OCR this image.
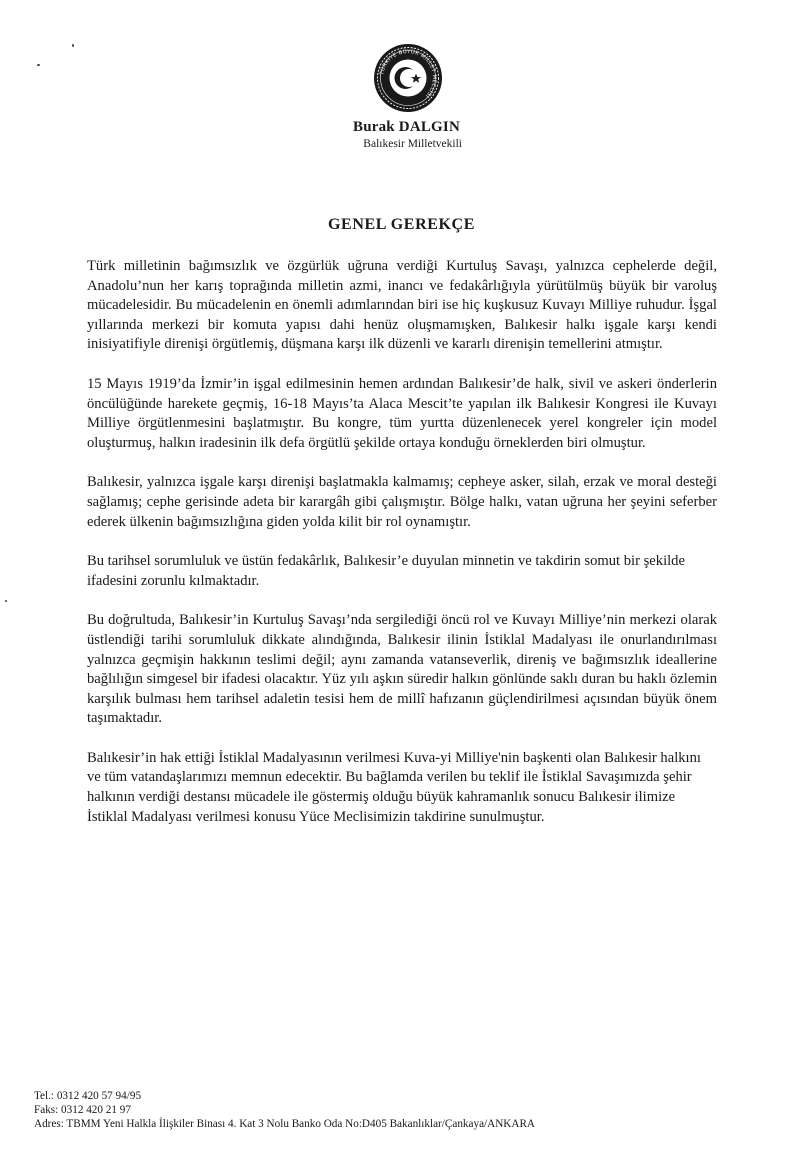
TÜRKİYE BÜYÜK MİLLET MECLİSİ

Burak DALGIN

Balıkesir Milletvekili

GENEL GEREKÇE

Türk milletinin bağımsızlık ve özgürlük uğruna verdiği Kurtuluş Savaşı, yalnızca cephelerde değil, Anadolu’nun her karış toprağında milletin azmi, inancı ve fedakârlığıyla yürütülmüş büyük bir varoluş mücadelesidir. Bu mücadelenin en önemli adımlarından biri ise hiç kuşkusuz Kuvayı Milliye ruhudur. İşgal yıllarında merkezi bir komuta yapısı dahi henüz oluşmamışken, Balıkesir halkı işgale karşı kendi inisiyatifiyle direnişi örgütlemiş, düşmana karşı ilk düzenli ve kararlı direnişin temellerini atmıştır.

15 Mayıs 1919’da İzmir’in işgal edilmesinin hemen ardından Balıkesir’de halk, sivil ve askeri önderlerin öncülüğünde harekete geçmiş, 16-18 Mayıs’ta Alaca Mescit’te yapılan ilk Balıkesir Kongresi ile Kuvayı Milliye örgütlenmesini başlatmıştır. Bu kongre, tüm yurtta düzenlenecek yerel kongreler için model oluşturmuş, halkın iradesinin ilk defa örgütlü şekilde ortaya konduğu örneklerden biri olmuştur.

Balıkesir, yalnızca işgale karşı direnişi başlatmakla kalmamış; cepheye asker, silah, erzak ve moral desteği sağlamış; cephe gerisinde adeta bir karargâh gibi çalışmıştır. Bölge halkı, vatan uğruna her şeyini seferber ederek ülkenin bağımsızlığına giden yolda kilit bir rol oynamıştır.

Bu tarihsel sorumluluk ve üstün fedakârlık, Balıkesir’e duyulan minnetin ve takdirin somut bir şekilde ifadesini zorunlu kılmaktadır.

Bu doğrultuda, Balıkesir’in Kurtuluş Savaşı’nda sergilediği öncü rol ve Kuvayı Milliye’nin merkezi olarak üstlendiği tarihi sorumluluk dikkate alındığında, Balıkesir ilinin İstiklal Madalyası ile onurlandırılması yalnızca geçmişin hakkının teslimi değil; aynı zamanda vatanseverlik, direniş ve bağımsızlık ideallerine bağlılığın simgesel bir ifadesi olacaktır. Yüz yılı aşkın süredir halkın gönlünde saklı duran bu haklı özlemin karşılık bulması hem tarihsel adaletin tesisi hem de millî hafızanın güçlendirilmesi açısından büyük önem taşımaktadır.

Balıkesir’in hak ettiği İstiklal Madalyasının verilmesi Kuva-yi Milliye'nin başkenti olan Balıkesir halkını ve tüm vatandaşlarımızı memnun edecektir. Bu bağlamda verilen bu teklif ile İstiklal Savaşımızda şehir halkının verdiği destansı mücadele ile göstermiş olduğu büyük kahramanlık sonucu Balıkesir ilimize İstiklal Madalyası verilmesi konusu Yüce Meclisimizin takdirine sunulmuştur.

Tel.: 0312 420 57 94/95

Faks: 0312 420 21 97

Adres: TBMM Yeni Halkla İlişkiler Binası 4. Kat 3 Nolu Banko Oda No:D405 Bakanlıklar/Çankaya/ANKARA
